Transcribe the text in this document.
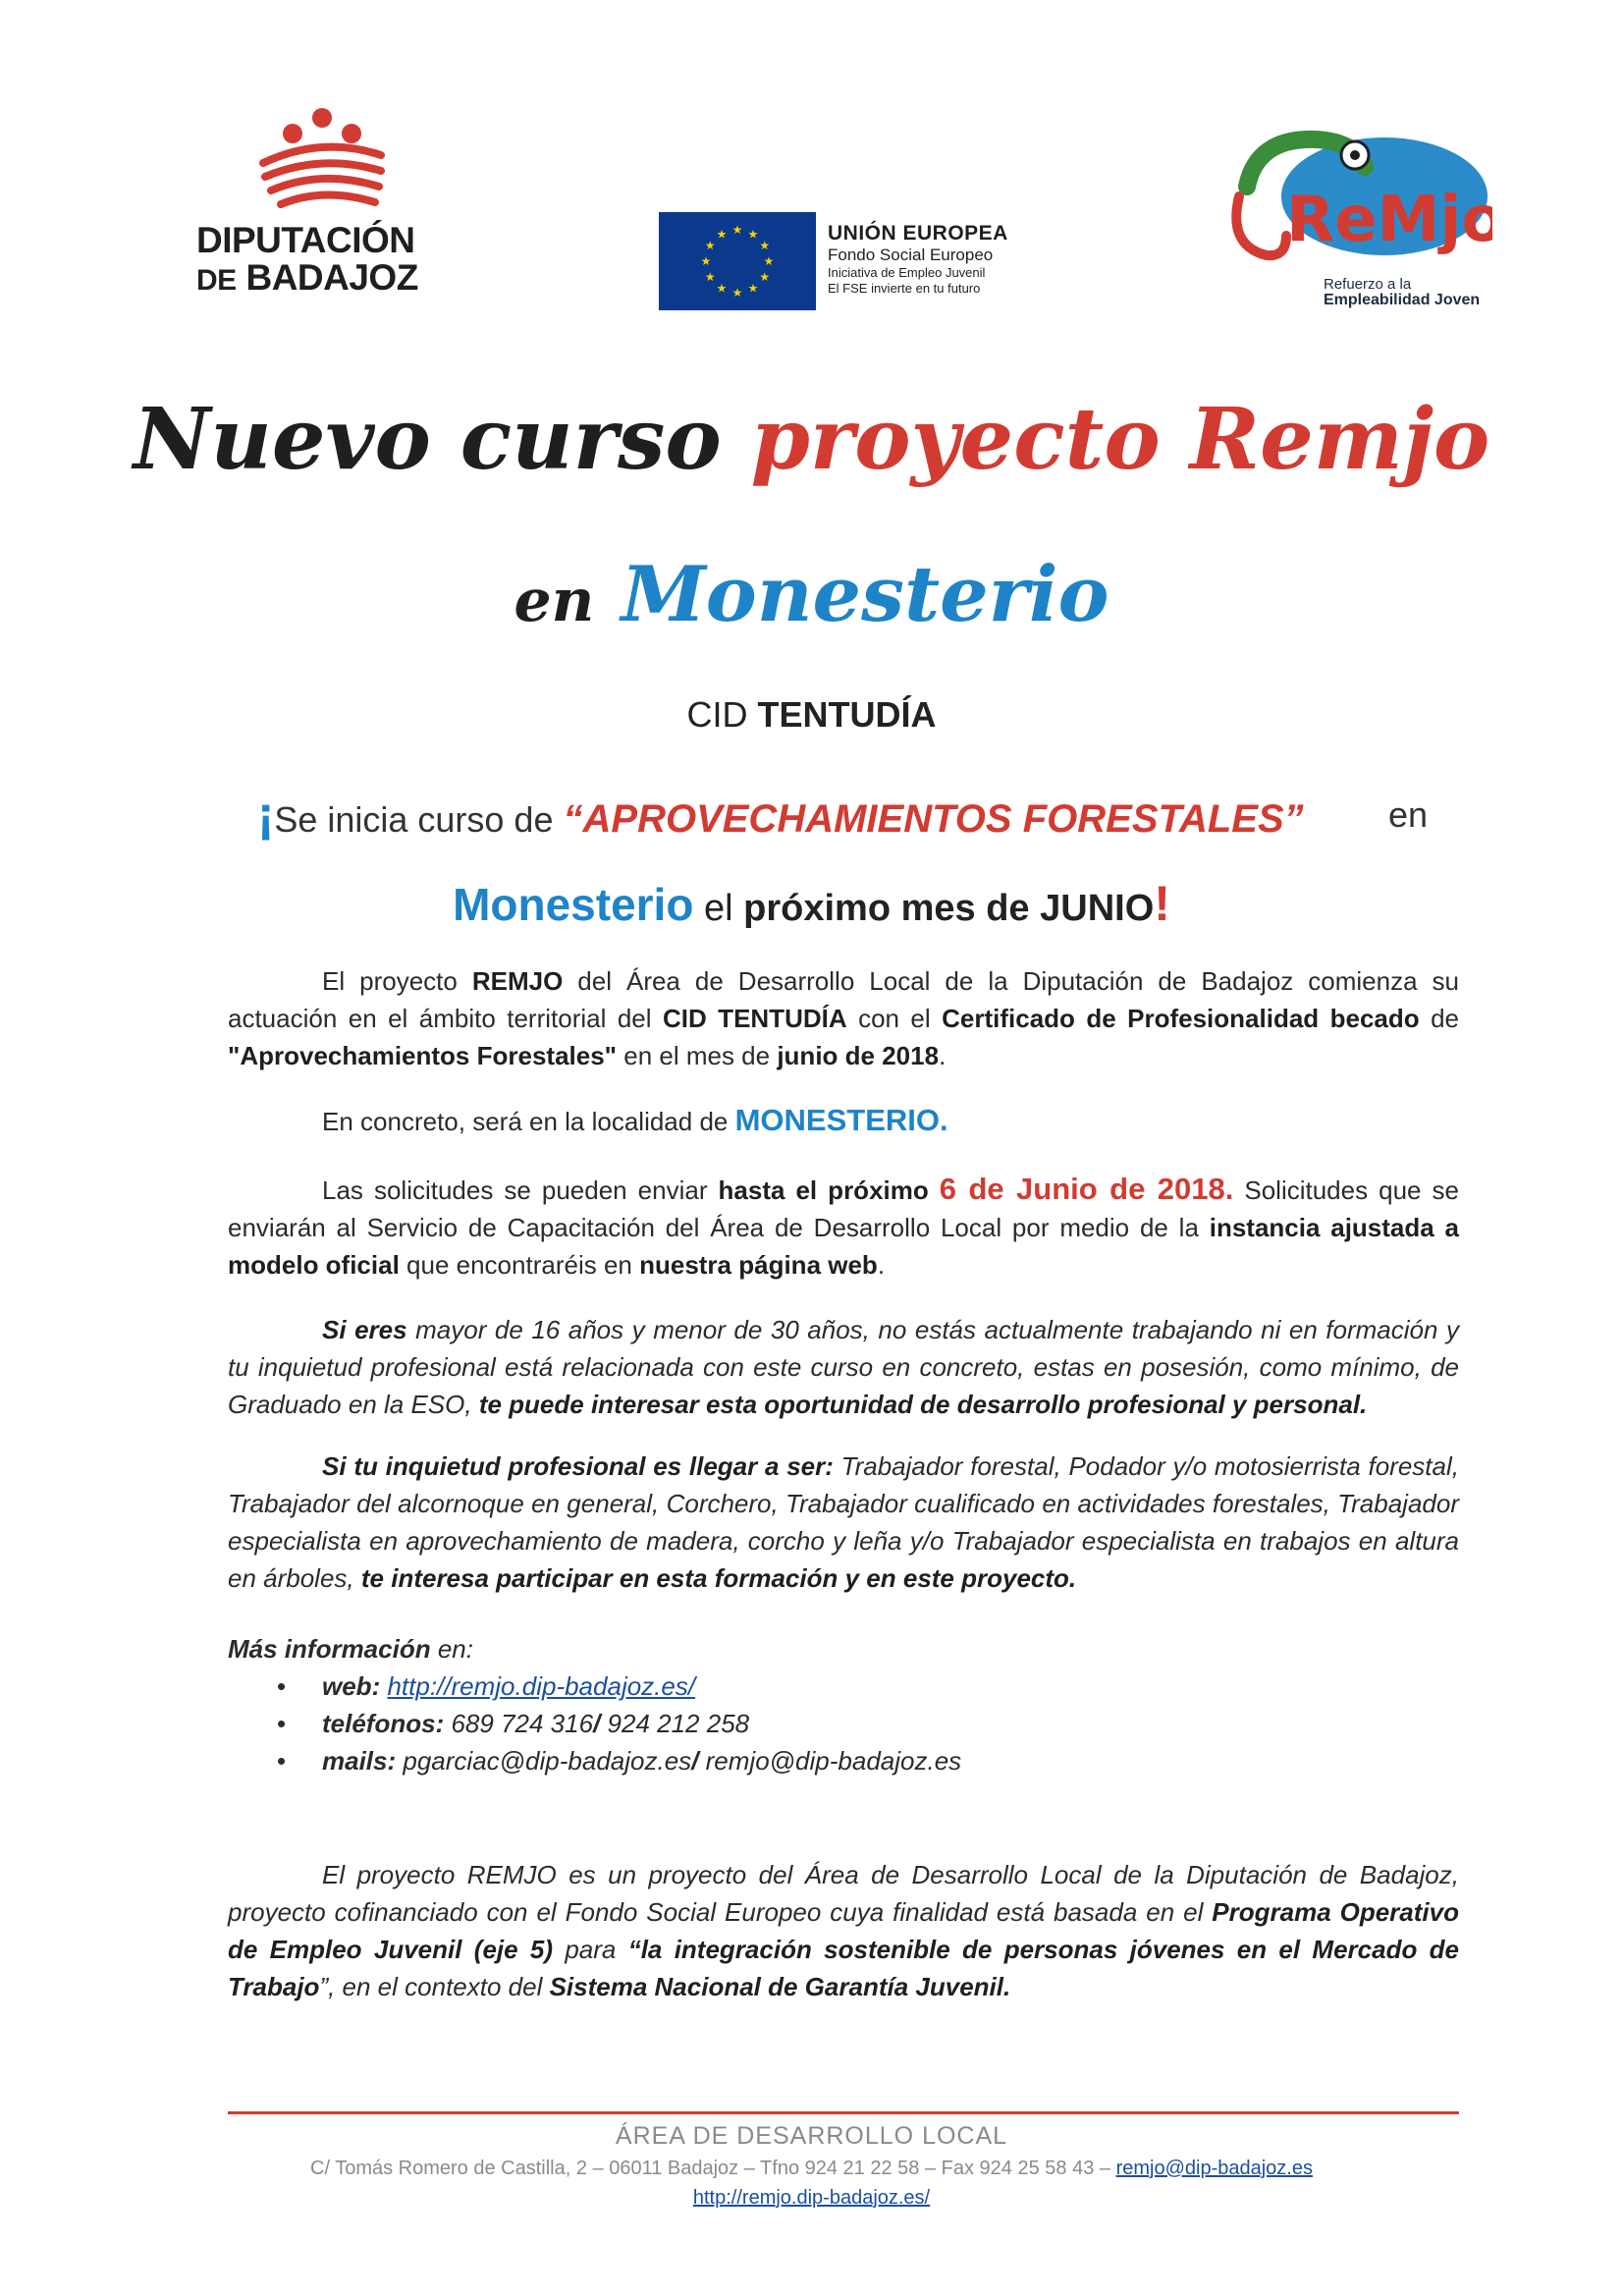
DIPUTACIÓN
DE BADAJOZ
★ ★
★
★
★
★
★
★
★
★
★
★	UNIÓN EUROPEA
Fondo Social Europeo
Iniciativa de Empleo Juvenil
El FSE invierte en tu futuro
ReMjo
Refuerzo a la
Empleabilidad Joven
Nuevo curso proyecto Remjo
en Monesterio
CID TENTUDÍA
¡Se inicia curso de “APROVECHAMIENTOS FORESTALES” en
Monesterio el próximo mes de JUNIO!

El proyecto REMJO del Área de Desarrollo Local de la Diputación de Badajoz comienza su actuación en el ámbito territorial del CID TENTUDÍA con el Certificado de Profesionalidad becado de "Aprovechamientos Forestales" en el mes de junio de 2018.

En concreto, será en la localidad de MONESTERIO.

Las solicitudes se pueden enviar hasta el próximo 6 de Junio de 2018. Solicitudes que se enviarán al Servicio de Capacitación del Área de Desarrollo Local por medio de la instancia ajustada a modelo oficial que encontraréis en nuestra página web.

Si eres mayor de 16 años y menor de 30 años, no estás actualmente trabajando ni en formación y tu inquietud profesional está relacionada con este curso en concreto, estas en posesión, como mínimo, de Graduado en la ESO, te puede interesar esta oportunidad de desarrollo profesional y personal.

Si tu inquietud profesional es llegar a ser: Trabajador forestal, Podador y/o motosierrista forestal, Trabajador del alcornoque en general, Corchero, Trabajador cualificado en actividades forestales, Trabajador especialista en aprovechamiento de madera, corcho y leña y/o Trabajador especialista en trabajos en altura en árboles, te interesa participar en esta formación y en este proyecto.

Más información en:
• web: http://remjo.dip-badajoz.es/
• teléfonos: 689 724 316/ 924 212 258
• mails: pgarciac@dip-badajoz.es/ remjo@dip-badajoz.es

El proyecto REMJO es un proyecto del Área de Desarrollo Local de la Diputación de Badajoz, proyecto cofinanciado con el Fondo Social Europeo cuya finalidad está basada en el Programa Operativo de Empleo Juvenil (eje 5) para “la integración sostenible de personas jóvenes en el Mercado de Trabajo”, en el contexto del Sistema Nacional de Garantía Juvenil.

ÁREA DE DESARROLLO LOCAL
C/ Tomás Romero de Castilla, 2 – 06011 Badajoz – Tfno 924 21 22 58 – Fax 924 25 58 43 – remjo@dip-badajoz.es
http://remjo.dip-badajoz.es/
